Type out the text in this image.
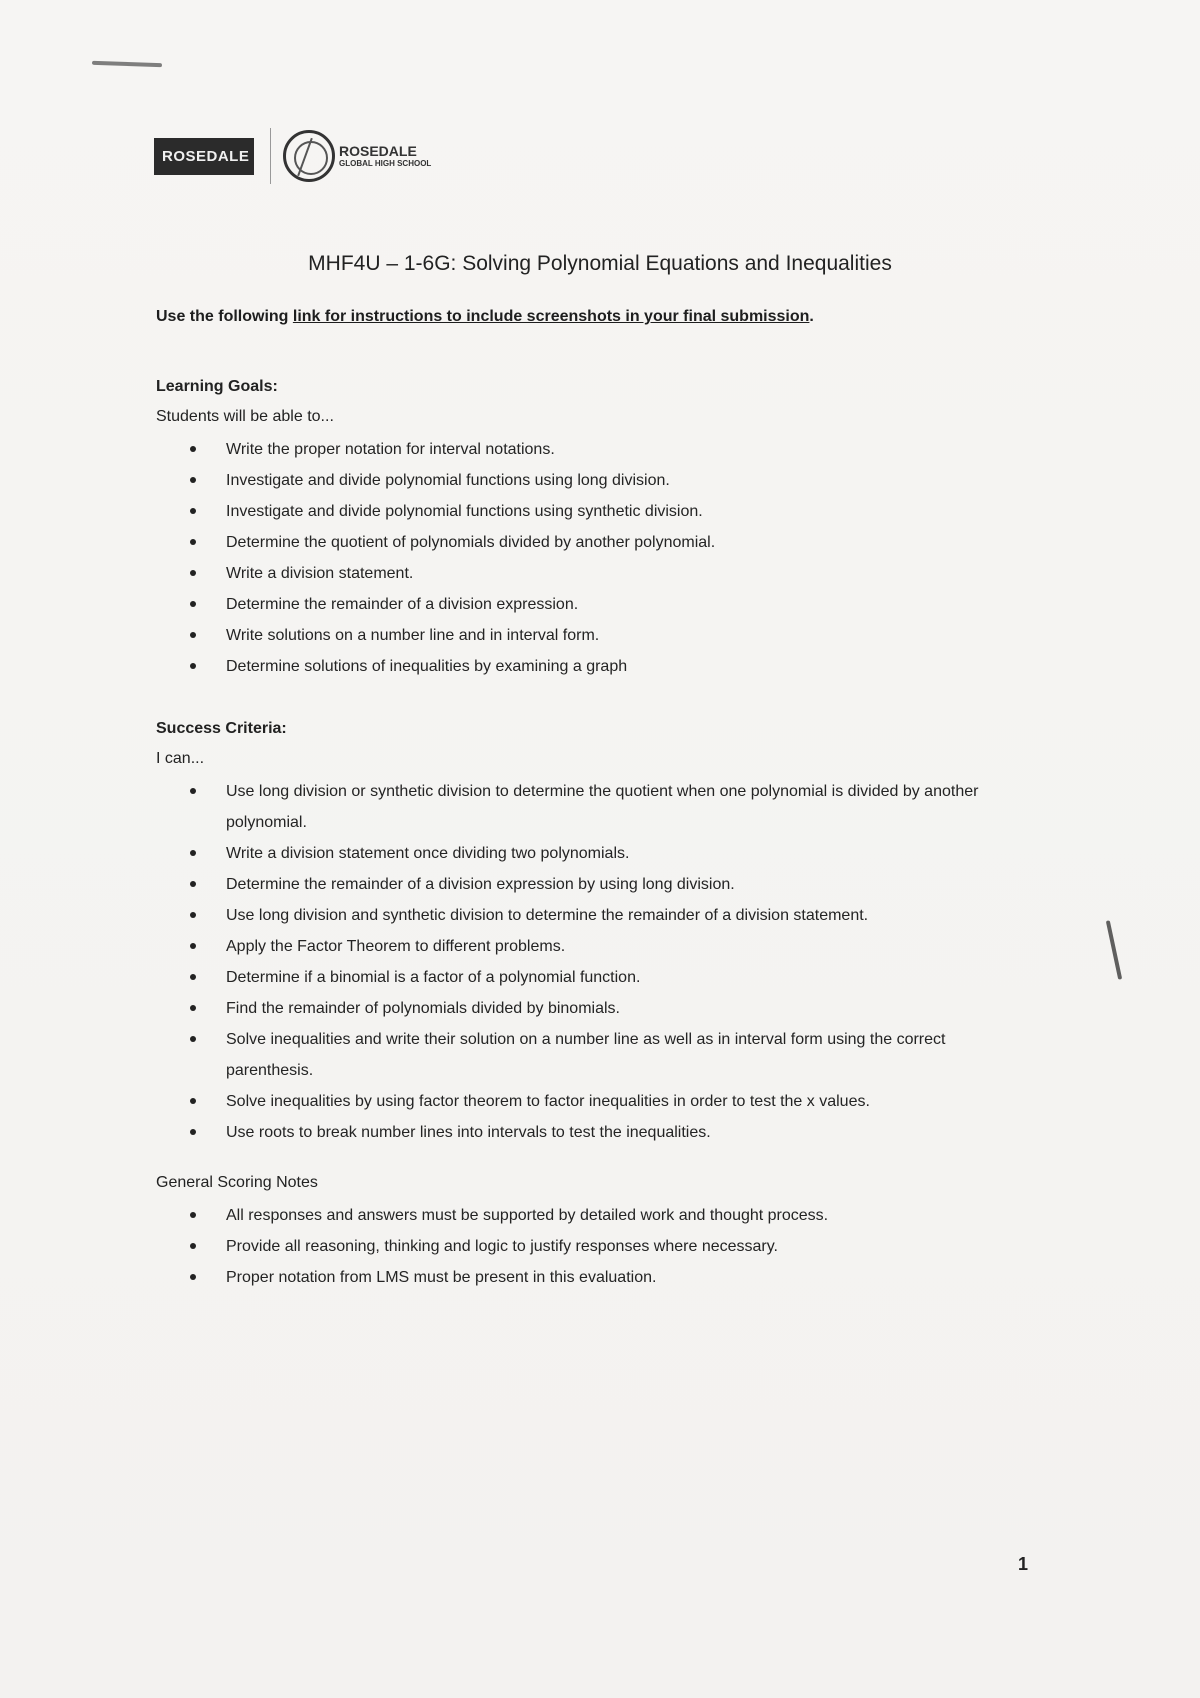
ROSEDALE	ROSEDALE
GLOBAL HIGH SCHOOL
MHF4U – 1-6G: Solving Polynomial Equations and Inequalities
Use the following link for instructions to include screenshots in your final submission.
Learning Goals:
Students will be able to...
Write the proper notation for interval notations.
Investigate and divide polynomial functions using long division.
Investigate and divide polynomial functions using synthetic division.
Determine the quotient of polynomials divided by another polynomial.
Write a division statement.
Determine the remainder of a division expression.
Write solutions on a number line and in interval form.
Determine solutions of inequalities by examining a graph
Success Criteria:
I can...
Use long division or synthetic division to determine the quotient when one polynomial is divided by another polynomial.
Write a division statement once dividing two polynomials.
Determine the remainder of a division expression by using long division.
Use long division and synthetic division to determine the remainder of a division statement.
Apply the Factor Theorem to different problems.
Determine if a binomial is a factor of a polynomial function.
Find the remainder of polynomials divided by binomials.
Solve inequalities and write their solution on a number line as well as in interval form using the correct parenthesis.
Solve inequalities by using factor theorem to factor inequalities in order to test the x values.
Use roots to break number lines into intervals to test the inequalities.
General Scoring Notes
All responses and answers must be supported by detailed work and thought process.
Provide all reasoning, thinking and logic to justify responses where necessary.
Proper notation from LMS must be present in this evaluation.
1
